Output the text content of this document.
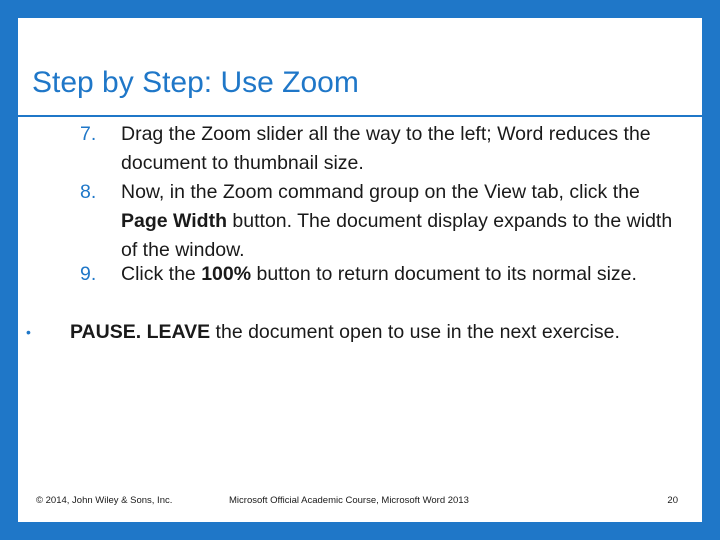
Step by Step: Use Zoom
7. Drag the Zoom slider all the way to the left; Word reduces the document to thumbnail size.
8. Now, in the Zoom command group on the View tab, click the Page Width button. The document display expands to the width of the window.
9. Click the 100% button to return document to its normal size.
• PAUSE. LEAVE the document open to use in the next exercise.
© 2014, John Wiley & Sons, Inc.	Microsoft Official Academic Course, Microsoft Word 2013	20
